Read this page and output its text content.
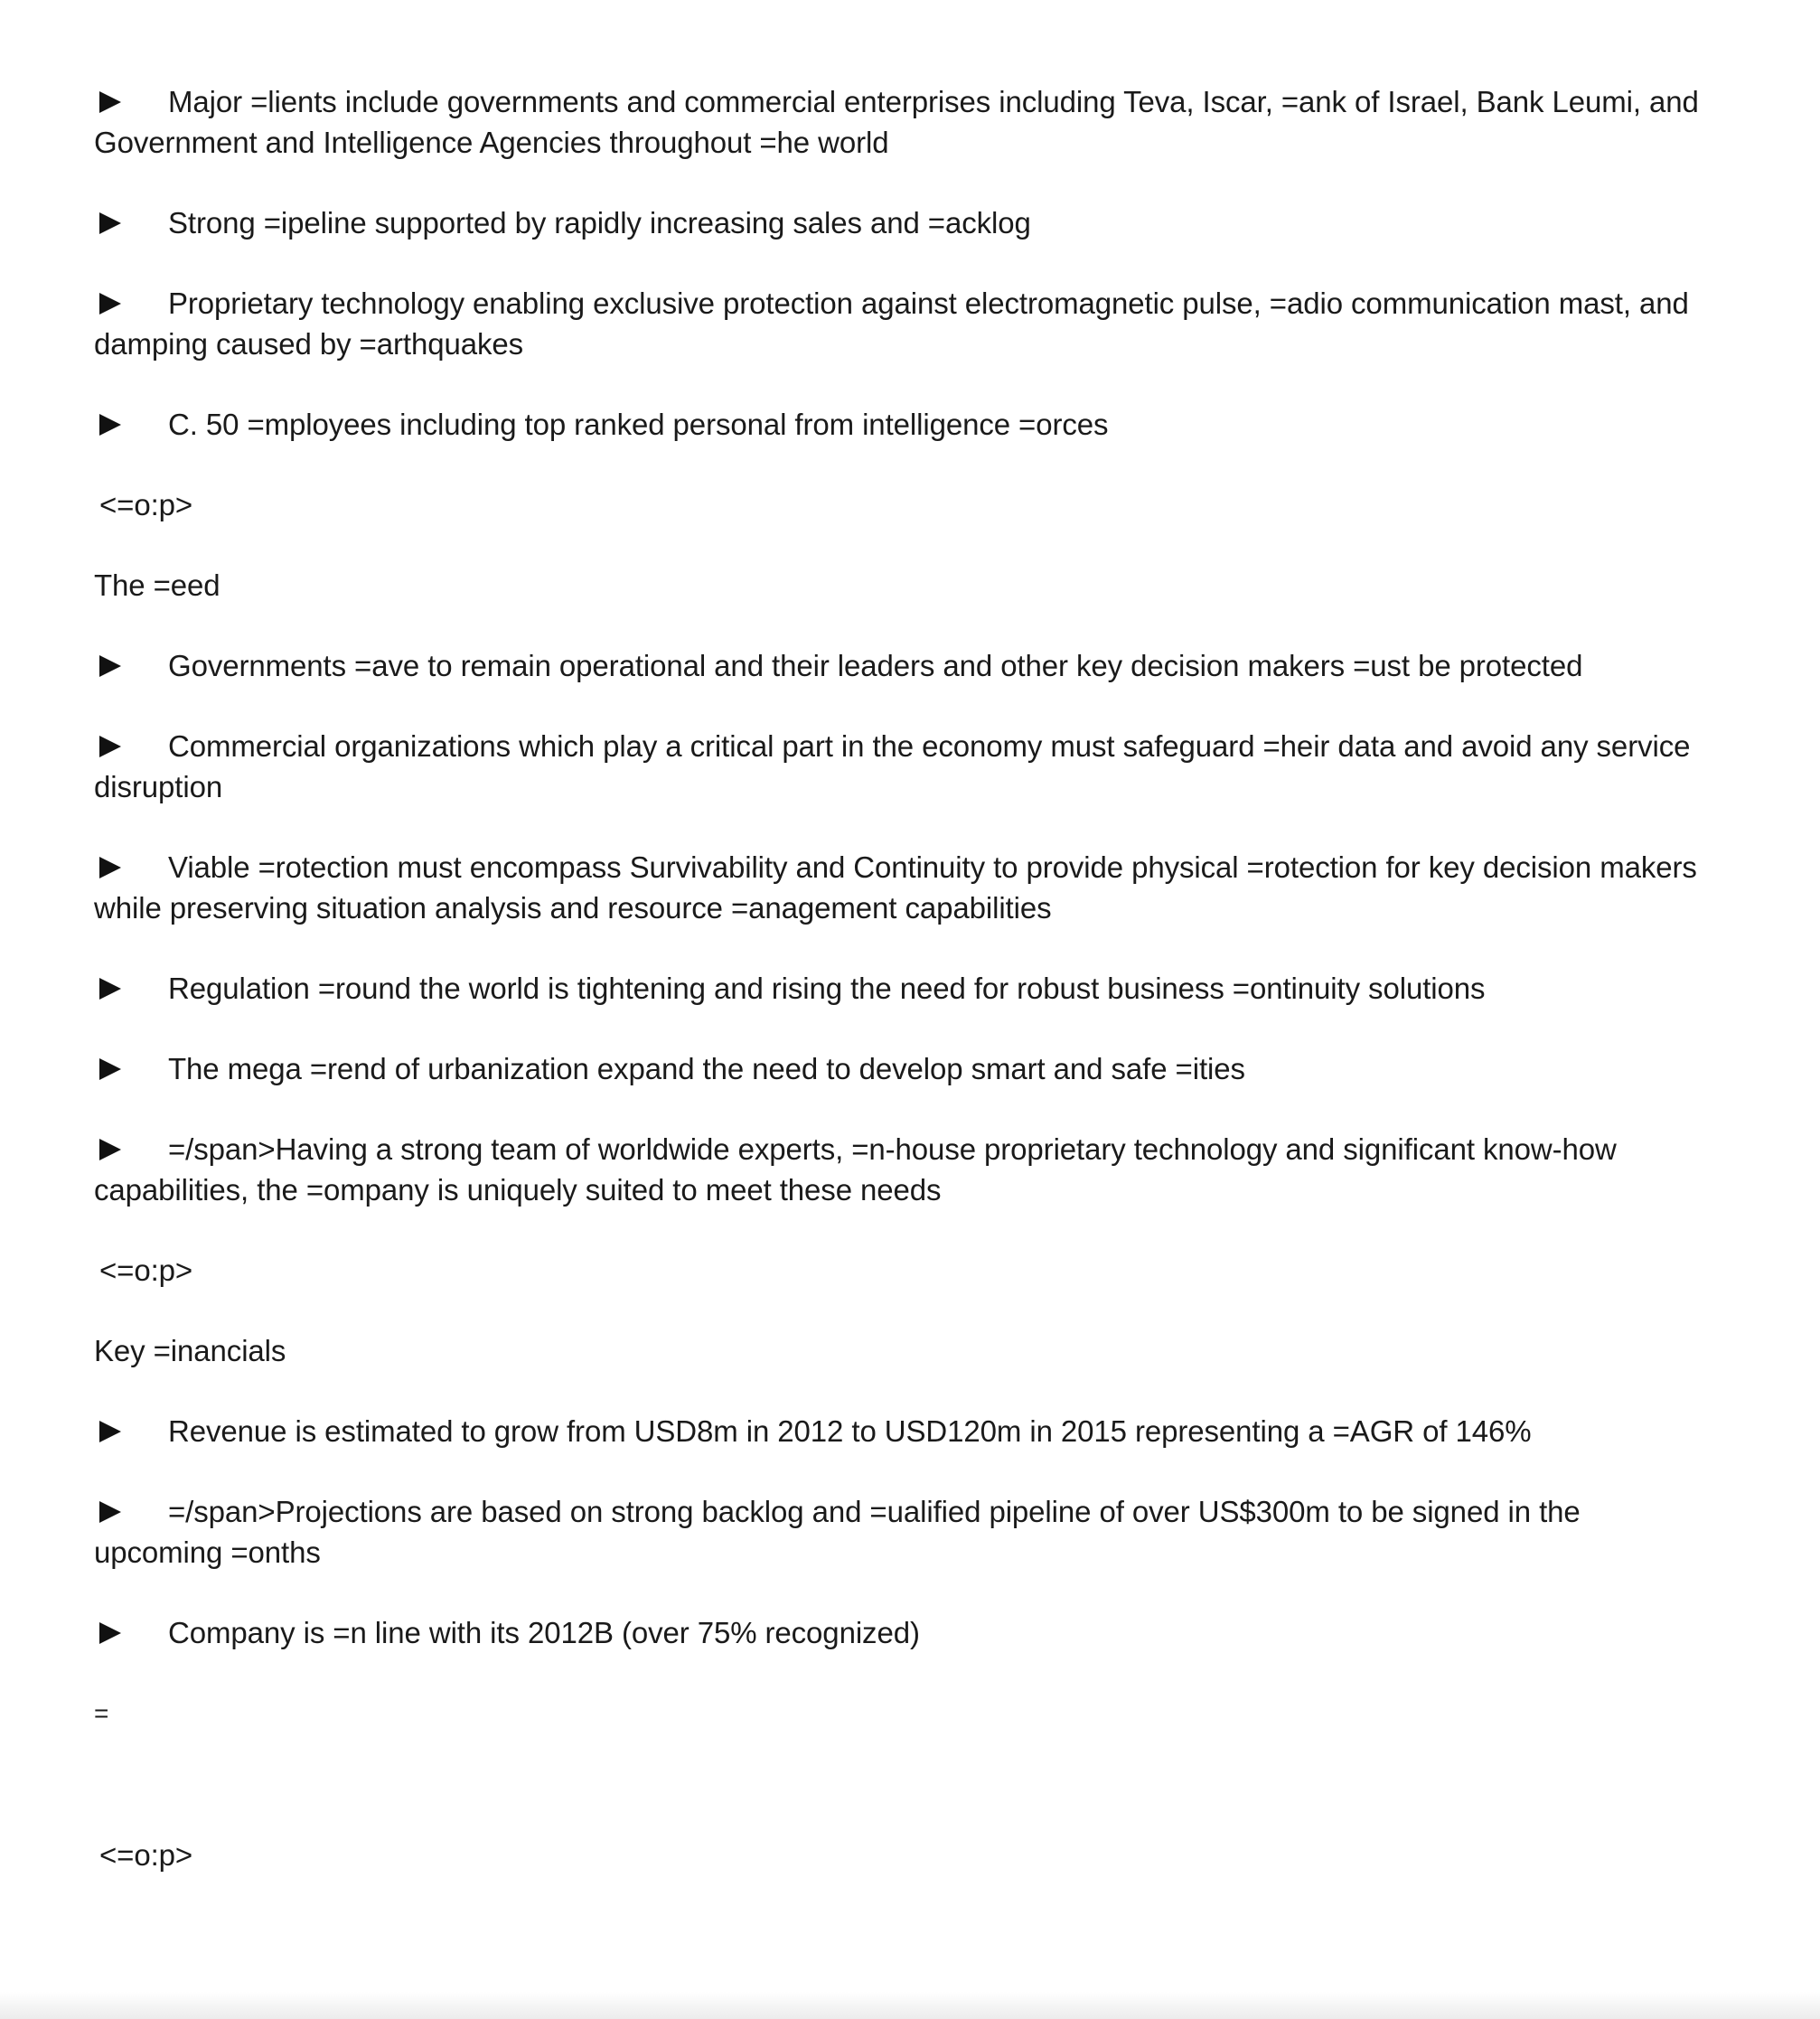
Major =lients include governments and commercial enterprises including Teva, Iscar, =ank of Israel, Bank Leumi, and Government and Intelligence Agencies throughout =he world
Strong =ipeline supported by rapidly increasing sales and =acklog
Proprietary technology enabling exclusive protection against electromagnetic pulse, =adio communication mast, and damping caused by =arthquakes
C. 50 =mployees including top ranked personal from intelligence =orces
<=o:p>
The =eed
Governments =ave to remain operational and their leaders and other key decision makers =ust be protected
Commercial organizations which play a critical part in the economy must safeguard =heir data and avoid any service disruption
Viable =rotection must encompass Survivability and Continuity to provide physical =rotection for key decision makers while preserving situation analysis and resource =anagement capabilities
Regulation =round the world is tightening and rising the need for robust business =ontinuity solutions
The mega =rend of urbanization expand the need to develop smart and safe =ities
=/span>Having a strong team of worldwide experts, =n-house proprietary technology and significant know-how capabilities, the =ompany is uniquely suited to meet these needs
<=o:p>
Key =inancials
Revenue is estimated to grow from USD8m in 2012 to USD120m in 2015 representing a =AGR of 146%
=/span>Projections are based on strong backlog and =ualified pipeline of over US$300m to be signed in the upcoming =onths
Company is =n line with its 2012B (over 75% recognized)
=
<=o:p>
